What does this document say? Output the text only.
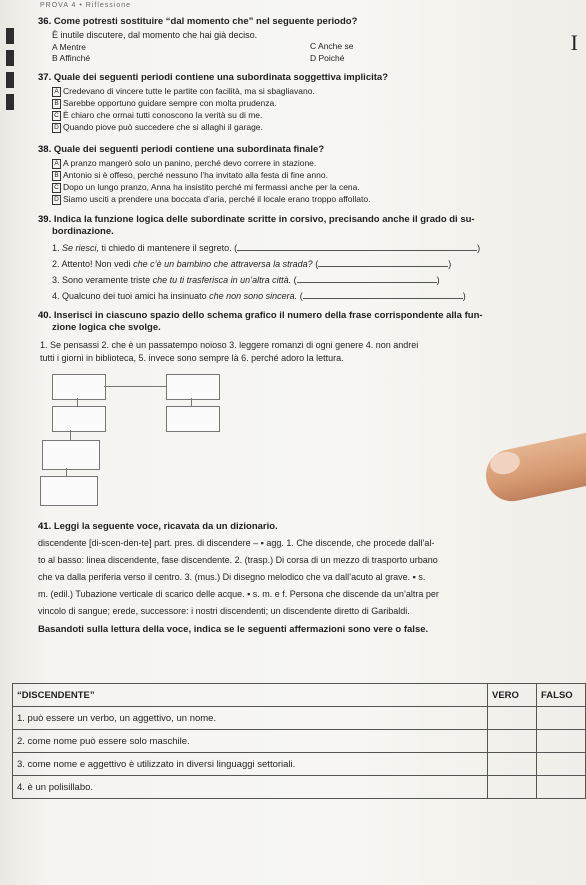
PROVA 4 • Riflessione
I
36. Come potresti sostituire “dal momento che” nel seguente periodo?
È inutile discutere, dal momento che hai già deciso.
A Mentre
B Affinché
C Anche se
D Poiché
37. Quale dei seguenti periodi contiene una subordinata soggettiva implicita?
A Credevano di vincere tutte le partite con facilità, ma si sbagliavano.
B Sarebbe opportuno guidare sempre con molta prudenza.
C È chiaro che ormai tutti conoscono la verità su di me.
D Quando piove può succedere che si allaghi il garage.
38. Quale dei seguenti periodi contiene una subordinata finale?
A A pranzo mangerò solo un panino, perché devo correre in stazione.
B Antonio si è offeso, perché nessuno l’ha invitato alla festa di fine anno.
C Dopo un lungo pranzo, Anna ha insistito perché mi fermassi anche per la cena.
D Siamo usciti a prendere una boccata d’aria, perché il locale erano troppo affollato.
39. Indica la funzione logica delle subordinate scritte in corsivo, precisando anche il grado di su-
bordinazione.
1. Se riesci, ti chiedo di mantenere il segreto. (	)
2. Attento! Non vedi che c’è un bambino che attraversa la strada? (	)
3. Sono veramente triste che tu ti trasferisca in un’altra città. (	)
4. Qualcuno dei tuoi amici ha insinuato che non sono sincera. (	)
40. Inserisci in ciascuno spazio dello schema grafico il numero della frase corrispondente alla fun-
zione logica che svolge.
1. Se pensassi 2. che è un passatempo noioso 3. leggere romanzi di ogni genere 4. non andrei
tutti i giorni in biblioteca, 5. invece sono sempre là 6. perché adoro la lettura.
41. Leggi la seguente voce, ricavata da un dizionario.
discendente [di-scen-den-te] part. pres. di discendere – ▪ agg. 1. Che discende, che procede dall’al-
to al basso: linea discendente, fase discendente. 2. (trasp.) Di corsa di un mezzo di trasporto urbano
che va dalla periferia verso il centro. 3. (mus.) Di disegno melodico che va dall’acuto al grave. ▪ s.
m. (edil.) Tubazione verticale di scarico delle acque. ▪ s. m. e f. Persona che discende da un’altra per
vincolo di sangue; erede, successore: i nostri discendenti; un discendente diretto di Garibaldi.
Basandoti sulla lettura della voce, indica se le seguenti affermazioni sono vere o false.
“DISCENDENTE”	VERO	FALSO
1. può essere un verbo, un aggettivo, un nome.		
2. come nome può essere solo maschile.		
3. come nome e aggettivo è utilizzato in diversi linguaggi settoriali.		
4. è un polisillabo.		
